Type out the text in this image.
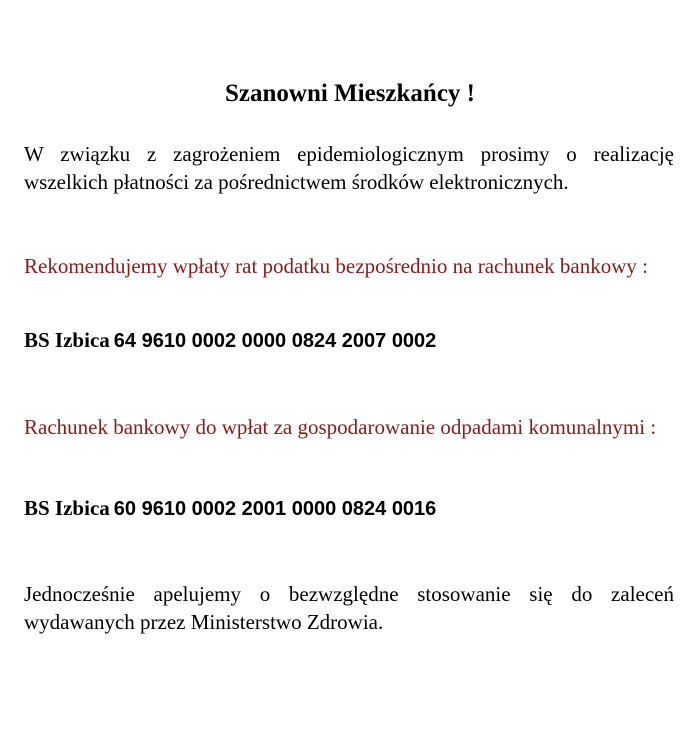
Szanowni Mieszkańcy !
W związku z zagrożeniem epidemiologicznym prosimy o realizację wszelkich płatności za pośrednictwem środków elektronicznych.
Rekomendujemy wpłaty rat podatku bezpośrednio na rachunek bankowy :
BS Izbica 64 9610 0002 0000 0824 2007 0002
Rachunek bankowy do wpłat za gospodarowanie odpadami komunalnymi :
BS Izbica 60 9610 0002 2001 0000 0824 0016
Jednocześnie apelujemy o bezwzględne stosowanie się do zaleceń wydawanych przez Ministerstwo Zdrowia.
